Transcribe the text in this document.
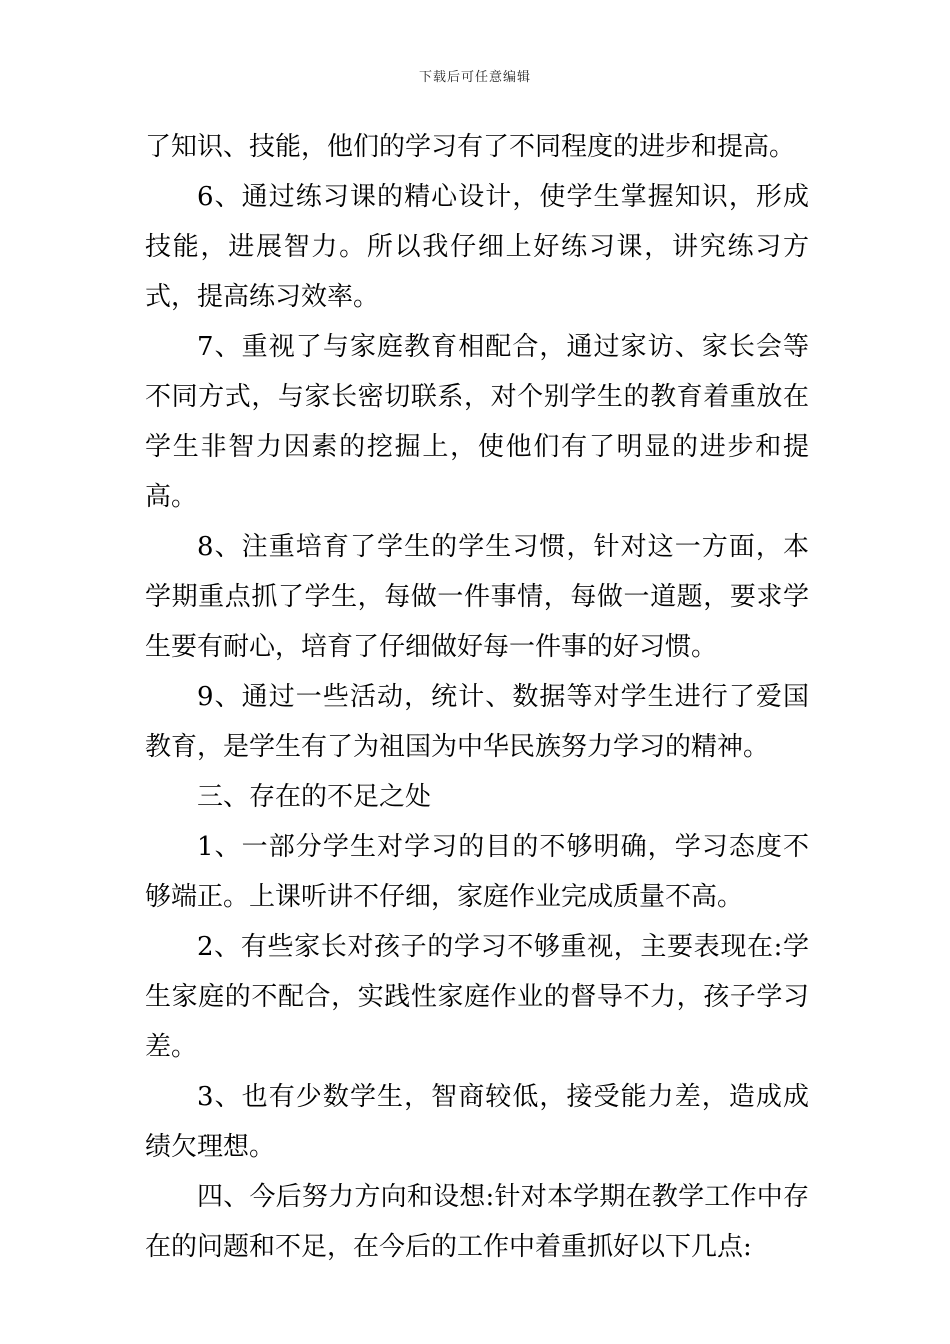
下载后可任意编辑

了知识、技能，他们的学习有了不同程度的进步和提高。

6、通过练习课的精心设计，使学生掌握知识，形成技能，进展智力。所以我仔细上好练习课，讲究练习方式，提高练习效率。

7、重视了与家庭教育相配合，通过家访、家长会等不同方式，与家长密切联系，对个别学生的教育着重放在学生非智力因素的挖掘上，使他们有了明显的进步和提高。

8、注重培育了学生的学生习惯，针对这一方面，本学期重点抓了学生，每做一件事情，每做一道题，要求学生要有耐心，培育了仔细做好每一件事的好习惯。

9、通过一些活动，统计、数据等对学生进行了爱国教育，是学生有了为祖国为中华民族努力学习的精神。

三、存在的不足之处

1、一部分学生对学习的目的不够明确，学习态度不够端正。上课听讲不仔细，家庭作业完成质量不高。

2、有些家长对孩子的学习不够重视，主要表现在:学生家庭的不配合，实践性家庭作业的督导不力，孩子学习差。

3、也有少数学生，智商较低，接受能力差，造成成绩欠理想。

四、今后努力方向和设想:针对本学期在教学工作中存在的问题和不足，在今后的工作中着重抓好以下几点:
